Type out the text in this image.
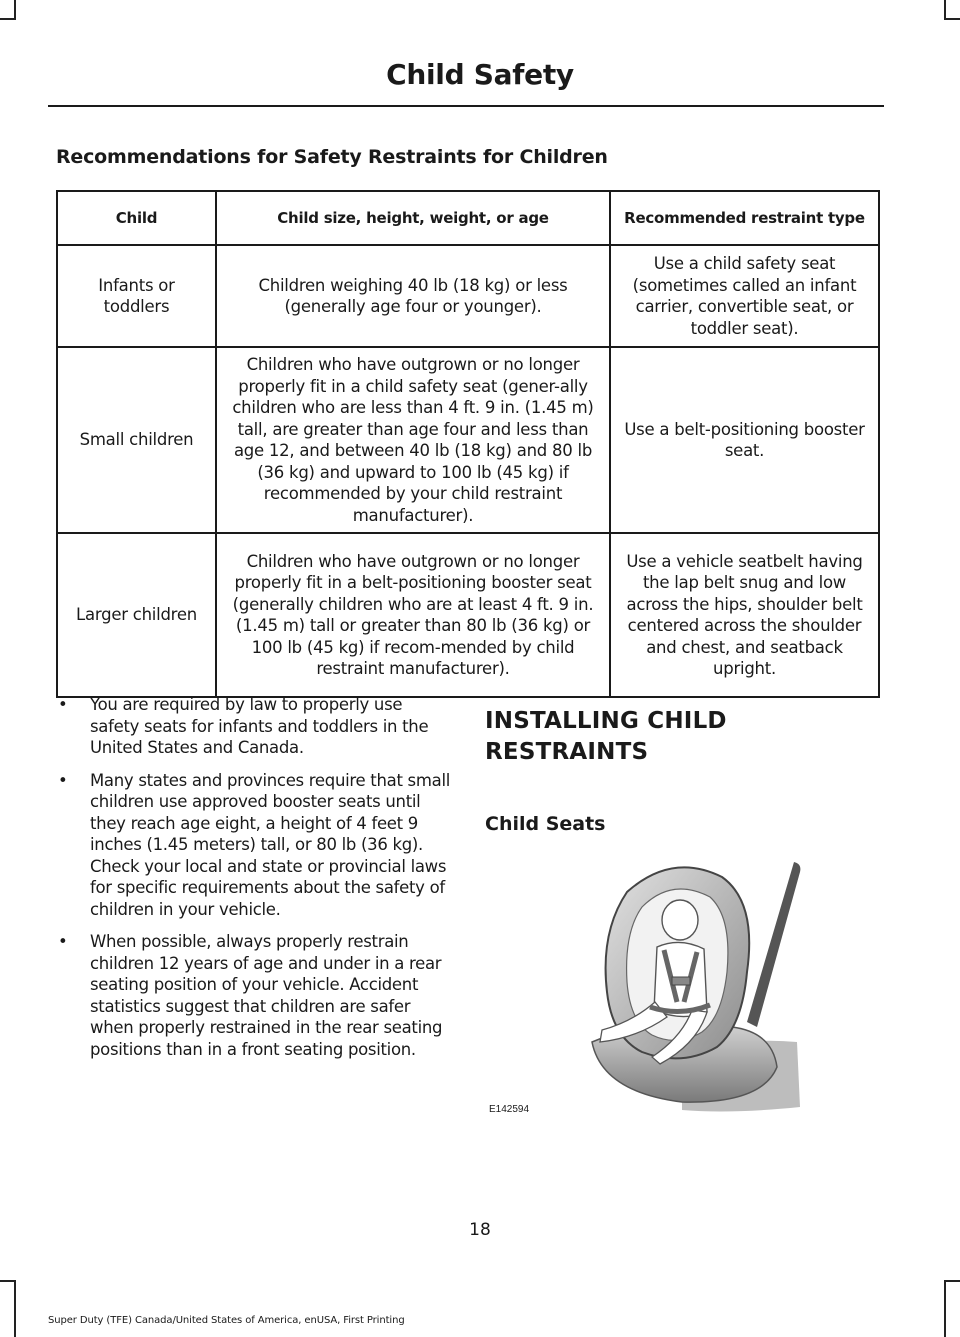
Child Safety
Recommendations for Safety Restraints for Children
Child	Child size, height, weight, or age	Recommended restraint type
Infants or toddlers	Children weighing 40 lb (18 kg) or less (generally age four or younger).	Use a child safety seat (sometimes called an infant carrier, convertible seat, or toddler seat).
Small children	Children who have outgrown or no longer properly fit in a child safety seat (gener-ally children who are less than 4 ft. 9 in. (1.45 m) tall, are greater than age four and less than age 12, and between 40 lb (18 kg) and 80 lb (36 kg) and upward to 100 lb (45 kg) if recommended by your child restraint manufacturer).	Use a belt-positioning booster seat.
Larger children	Children who have outgrown or no longer properly fit in a belt-positioning booster seat (generally children who are at least 4 ft. 9 in. (1.45 m) tall or greater than 80 lb (36 kg) or 100 lb (45 kg) if recom-mended by child restraint manufacturer).	Use a vehicle seatbelt having the lap belt snug and low across the hips, shoulder belt centered across the shoulder and chest, and seatback upright.
• You are required by law to properly use safety seats for infants and toddlers in the United States and Canada.
• Many states and provinces require that small children use approved booster seats until they reach age eight, a height of 4 feet 9 inches (1.45 meters) tall, or 80 lb (36 kg). Check your local and state or provincial laws for specific requirements about the safety of children in your vehicle.
• When possible, always properly restrain children 12 years of age and under in a rear seating position of your vehicle. Accident statistics suggest that children are safer when properly restrained in the rear seating positions than in a front seating position.
INSTALLING CHILD
RESTRAINTS
Child Seats
E142594
18
Super Duty (TFE) Canada/United States of America, enUSA, First Printing
